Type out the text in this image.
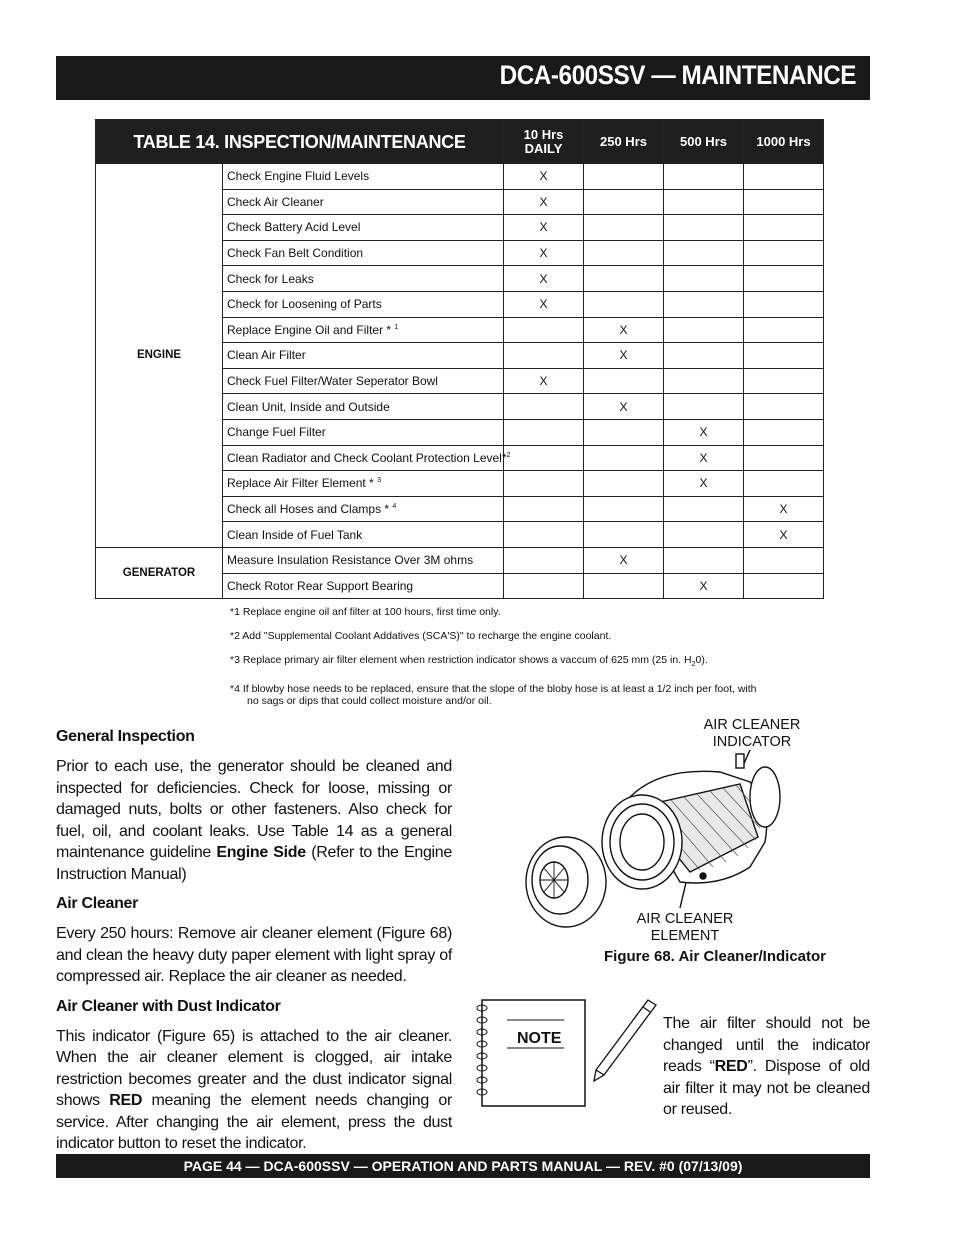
DCA-600SSV — MAINTENANCE
TABLE 14. INSPECTION/MAINTENANCE		10 Hrs
DAILY	250 Hrs	500 Hrs	1000 Hrs
ENGINE	Check Engine Fluid Levels	X			
	Check Air Cleaner	X			
	Check Battery Acid Level	X			
	Check Fan Belt Condition	X			
	Check for Leaks	X			
	Check for Loosening of Parts	X			
	Replace Engine Oil and Filter * $^1$		X		
	Clean Air Filter		X		
	Check Fuel Filter/Water Seperator Bowl	X			
	Clean Unit, Inside and Outside		X		
	Change Fuel Filter			X	
	Clean Radiator and Check Coolant Protection Level*$^2$			X	
	Replace Air Filter Element * $^3$			X	
	Check all Hoses and Clamps * $^4$				X
	Clean Inside of Fuel Tank				X
GENERATOR	Measure Insulation Resistance Over 3M ohms		X		
	Check Rotor Rear Support Bearing			X	
*1 Replace engine oil anf filter at 100 hours, first time only.
*2 Add "Supplemental Coolant Addatives (SCA'S)" to recharge the engine coolant.
*3 Replace primary air filter element when restriction indicator shows a vaccum of 625 mm (25 in. $H_20$).
*4 If blowby hose needs to be replaced, ensure that the slope of the bloby hose is at least a 1/2 inch per foot, with
no sags or dips that could collect moisture and/or oil.
General Inspection

Prior to each use, the generator should be cleaned and inspected for deficiencies. Check for loose, missing or damaged nuts, bolts or other fasteners. Also check for fuel, oil, and coolant leaks. Use Table 14 as a general maintenance guideline Engine Side (Refer to the Engine Instruction Manual)

Air Cleaner

Every 250 hours: Remove air cleaner element (Figure 68) and clean the heavy duty paper element with light spray of compressed air. Replace the air cleaner as needed.

Air Cleaner with Dust Indicator

This indicator (Figure 65) is attached to the air cleaner. When the air cleaner element is clogged, air intake restriction becomes greater and the dust indicator signal shows RED meaning the element needs changing or service. After changing the air element, press the dust indicator button to reset the indicator.

AIR CLEANER
INDICATOR
AIR CLEANER
ELEMENT
Figure 68. Air Cleaner/Indicator
NOTE
The air filter should not be changed until the indicator reads “RED”. Dispose of old air filter it may not be cleaned or reused.
PAGE 44 — DCA-600SSV — OPERATION AND PARTS MANUAL — REV. #0 (07/13/09)
